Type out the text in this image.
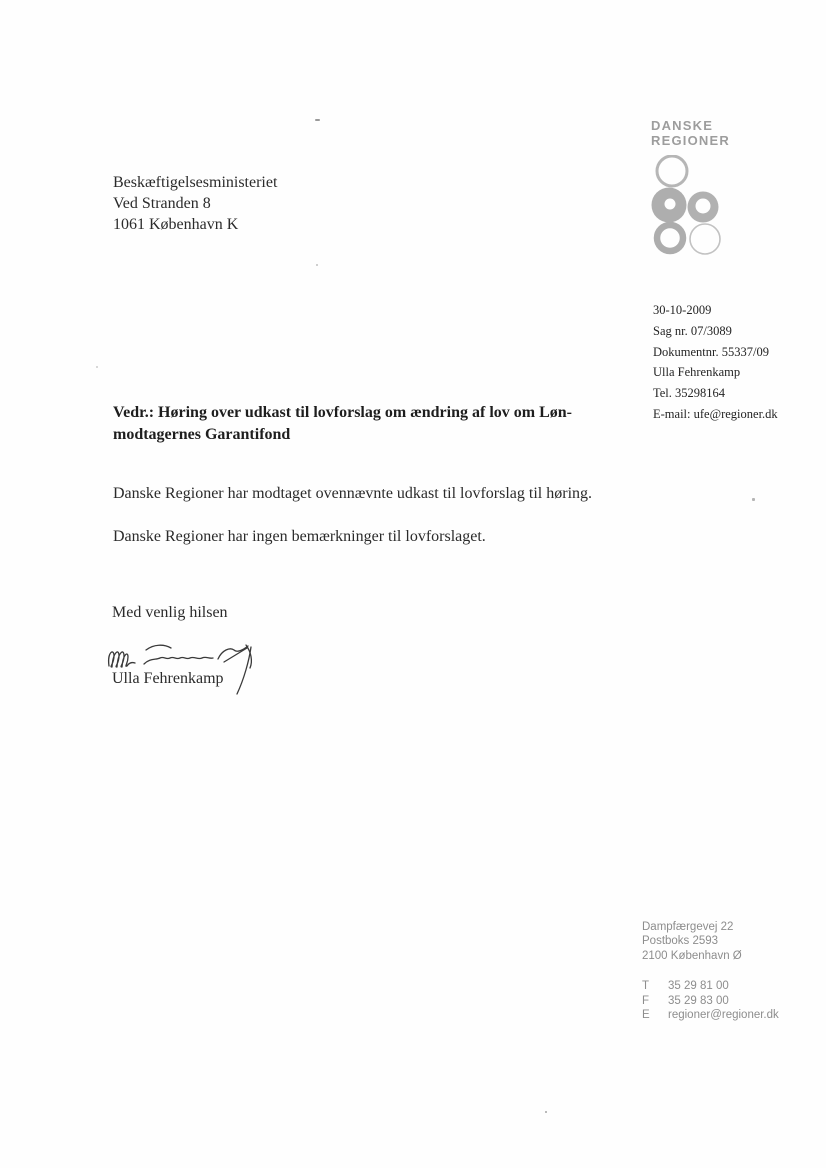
Beskæftigelsesministeriet
Ved Stranden 8
1061 København K
DANSKE
REGIONER
30-10-2009
Sag nr. 07/3089
Dokumentnr. 55337/09
Ulla Fehrenkamp
Tel. 35298164
E-mail: ufe@regioner.dk
Vedr.: Høring over udkast til lovforslag om ændring af lov om Løn-
modtagernes Garantifond
Danske Regioner har modtaget ovennævnte udkast til lovforslag til høring.
Danske Regioner har ingen bemærkninger til lovforslaget.
Med venlig hilsen
Ulla Fehrenkamp
Dampfærgevej 22
Postboks 2593
2100 København Ø
T	35 29 81 00
F	35 29 83 00
E	regioner@regioner.dk
